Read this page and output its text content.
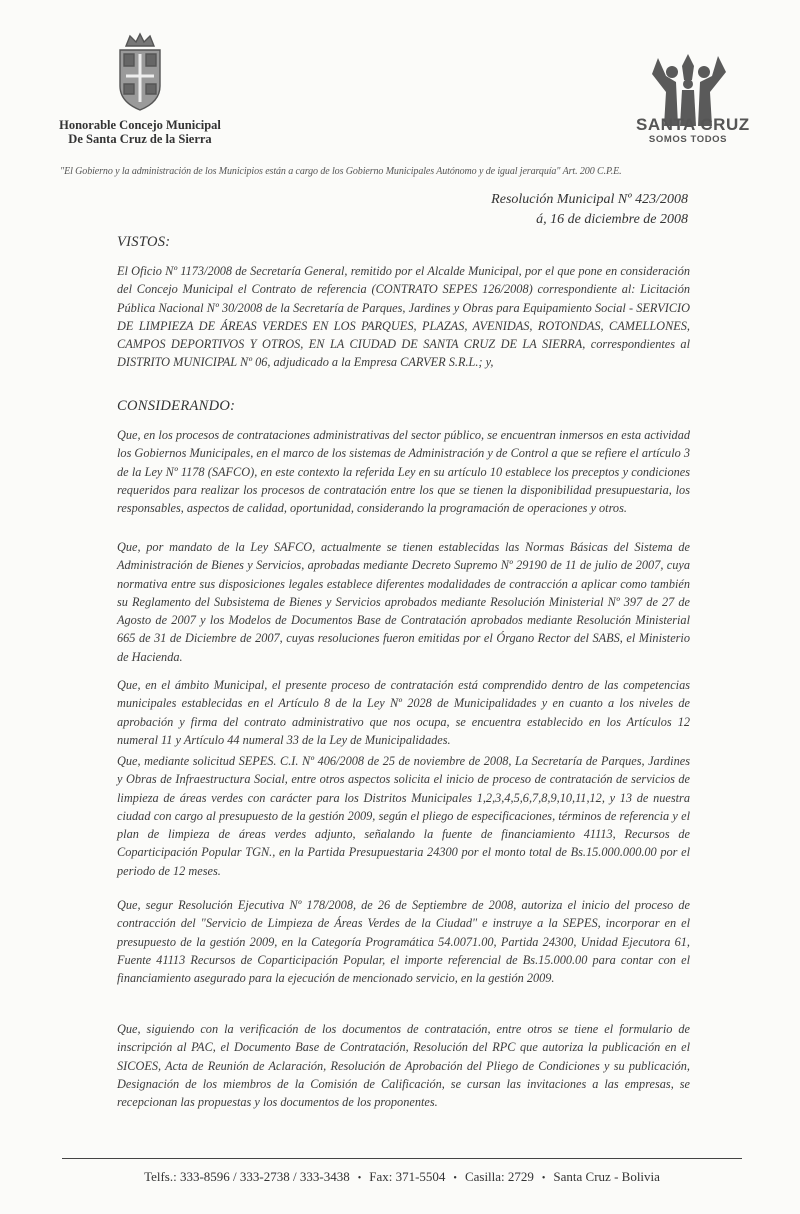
Honorable Concejo Municipal
De Santa Cruz de la Sierra
SANTA CRUZ
SOMOS TODOS
"El Gobierno y la administración de los Municipios están a cargo de los Gobierno Municipales Autónomo y de igual jerarquía" Art. 200 C.P.E.
Resolución Municipal Nº 423/2008
á, 16 de diciembre de 2008
VISTOS:
El Oficio Nº 1173/2008 de Secretaría General, remitido por el Alcalde Municipal, por el que pone en consideración del Concejo Municipal el Contrato de referencia (CONTRATO SEPES 126/2008) correspondiente al: Licitación Pública Nacional Nº 30/2008 de la Secretaría de Parques, Jardines y Obras para Equipamiento Social - SERVICIO DE LIMPIEZA DE ÁREAS VERDES EN LOS PARQUES, PLAZAS, AVENIDAS, ROTONDAS, CAMELLONES, CAMPOS DEPORTIVOS Y OTROS, EN LA CIUDAD DE SANTA CRUZ DE LA SIERRA, correspondientes al DISTRITO MUNICIPAL Nº 06, adjudicado a la Empresa CARVER S.R.L.; y,
CONSIDERANDO:
Que, en los procesos de contrataciones administrativas del sector público, se encuentran inmersos en esta actividad los Gobiernos Municipales, en el marco de los sistemas de Administración y de Control a que se refiere el artículo 3 de la Ley Nº 1178 (SAFCO), en este contexto la referida Ley en su artículo 10 establece los preceptos y condiciones requeridos para realizar los procesos de contratación entre los que se tienen la disponibilidad presupuestaria, los responsables, aspectos de calidad, oportunidad, considerando la programación de operaciones y otros.
Que, por mandato de la Ley SAFCO, actualmente se tienen establecidas las Normas Básicas del Sistema de Administración de Bienes y Servicios, aprobadas mediante Decreto Supremo Nº 29190 de 11 de julio de 2007, cuya normativa entre sus disposiciones legales establece diferentes modalidades de contracción a aplicar como también su Reglamento del Subsistema de Bienes y Servicios aprobados mediante Resolución Ministerial Nº 397 de 27 de Agosto de 2007 y los Modelos de Documentos Base de Contratación aprobados mediante Resolución Ministerial 665 de 31 de Diciembre de 2007, cuyas resoluciones fueron emitidas por el Órgano Rector del SABS, el Ministerio de Hacienda.
Que, en el ámbito Municipal, el presente proceso de contratación está comprendido dentro de las competencias municipales establecidas en el Artículo 8 de la Ley Nº 2028 de Municipalidades y en cuanto a los niveles de aprobación y firma del contrato administrativo que nos ocupa, se encuentra establecido en los Artículos 12 numeral 11 y Artículo 44 numeral 33 de la Ley de Municipalidades.
Que, mediante solicitud SEPES. C.I. Nº 406/2008 de 25 de noviembre de 2008, La Secretaría de Parques, Jardines y Obras de Infraestructura Social, entre otros aspectos solicita el inicio de proceso de contratación de servicios de limpieza de áreas verdes con carácter para los Distritos Municipales 1,2,3,4,5,6,7,8,9,10,11,12, y 13 de nuestra ciudad con cargo al presupuesto de la gestión 2009, según el pliego de especificaciones, términos de referencia y el plan de limpieza de áreas verdes adjunto, señalando la fuente de financiamiento 41113, Recursos de Coparticipación Popular TGN., en la Partida Presupuestaria 24300 por el monto total de Bs.15.000.000.00 por el periodo de 12 meses.
Que, segur Resolución Ejecutiva Nº 178/2008, de 26 de Septiembre de 2008, autoriza el inicio del proceso de contracción del "Servicio de Limpieza de Áreas Verdes de la Ciudad" e instruye a la SEPES, incorporar en el presupuesto de la gestión 2009, en la Categoría Programática 54.0071.00, Partida 24300, Unidad Ejecutora 61, Fuente 41113 Recursos de Coparticipación Popular, el importe referencial de Bs.15.000.00 para contar con el financiamiento asegurado para la ejecución de mencionado servicio, en la gestión 2009.
Que, siguiendo con la verificación de los documentos de contratación, entre otros se tiene el formulario de inscripción al PAC, el Documento Base de Contratación, Resolución del RPC que autoriza la publicación en el SICOES, Acta de Reunión de Aclaración, Resolución de Aprobación del Pliego de Condiciones y su publicación, Designación de los miembros de la Comisión de Calificación, se cursan las invitaciones a las empresas, se recepcionan las propuestas y los documentos de los proponentes.
Telfs.: 333-8596 / 333-2738 / 333-3438 • Fax: 371-5504 • Casilla: 2729 • Santa Cruz - Bolivia
